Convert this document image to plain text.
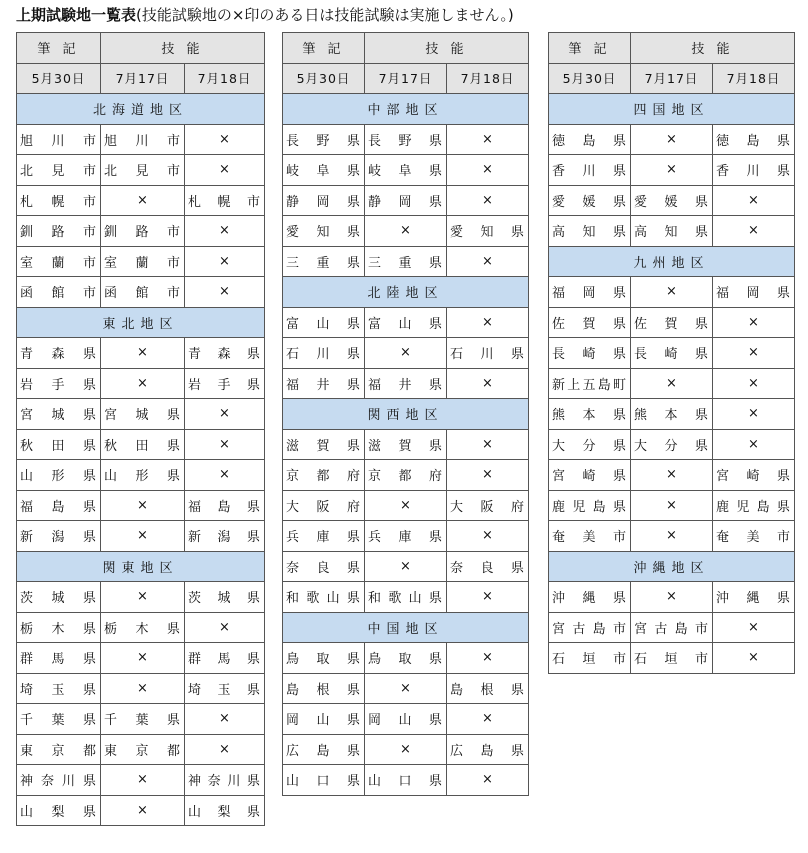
上期試験地一覧表(技能試験地の×印のある日は技能試験は実施しません。)
筆 記	技 能	
5月30日	7月17日	7月18日
北海道地区		
旭川市	旭川市	×
北見市	北見市	×
札幌市	×	札幌市
釧路市	釧路市	×
室蘭市	室蘭市	×
函館市	函館市	×
東北地区		
青森県	×	青森県
岩手県	×	岩手県
宮城県	宮城県	×
秋田県	秋田県	×
山形県	山形県	×
福島県	×	福島県
新潟県	×	新潟県
関東地区		
茨城県	×	茨城県
栃木県	栃木県	×
群馬県	×	群馬県
埼玉県	×	埼玉県
千葉県	千葉県	×
東京都	東京都	×
神奈川県	×	神奈川県
山梨県	×	山梨県
筆 記	技 能	
5月30日	7月17日	7月18日
中部地区		
長野県	長野県	×
岐阜県	岐阜県	×
静岡県	静岡県	×
愛知県	×	愛知県
三重県	三重県	×
北陸地区		
富山県	富山県	×
石川県	×	石川県
福井県	福井県	×
関西地区		
滋賀県	滋賀県	×
京都府	京都府	×
大阪府	×	大阪府
兵庫県	兵庫県	×
奈良県	×	奈良県
和歌山県	和歌山県	×
中国地区		
鳥取県	鳥取県	×
島根県	×	島根県
岡山県	岡山県	×
広島県	×	広島県
山口県	山口県	×
筆 記	技 能	
5月30日	7月17日	7月18日
四国地区		
徳島県	×	徳島県
香川県	×	香川県
愛媛県	愛媛県	×
高知県	高知県	×
九州地区		
福岡県	×	福岡県
佐賀県	佐賀県	×
長崎県	長崎県	×
新上五島町	×	×
熊本県	熊本県	×
大分県	大分県	×
宮崎県	×	宮崎県
鹿児島県	×	鹿児島県
奄美市	×	奄美市
沖縄地区		
沖縄県	×	沖縄県
宮古島市	宮古島市	×
石垣市	石垣市	×
